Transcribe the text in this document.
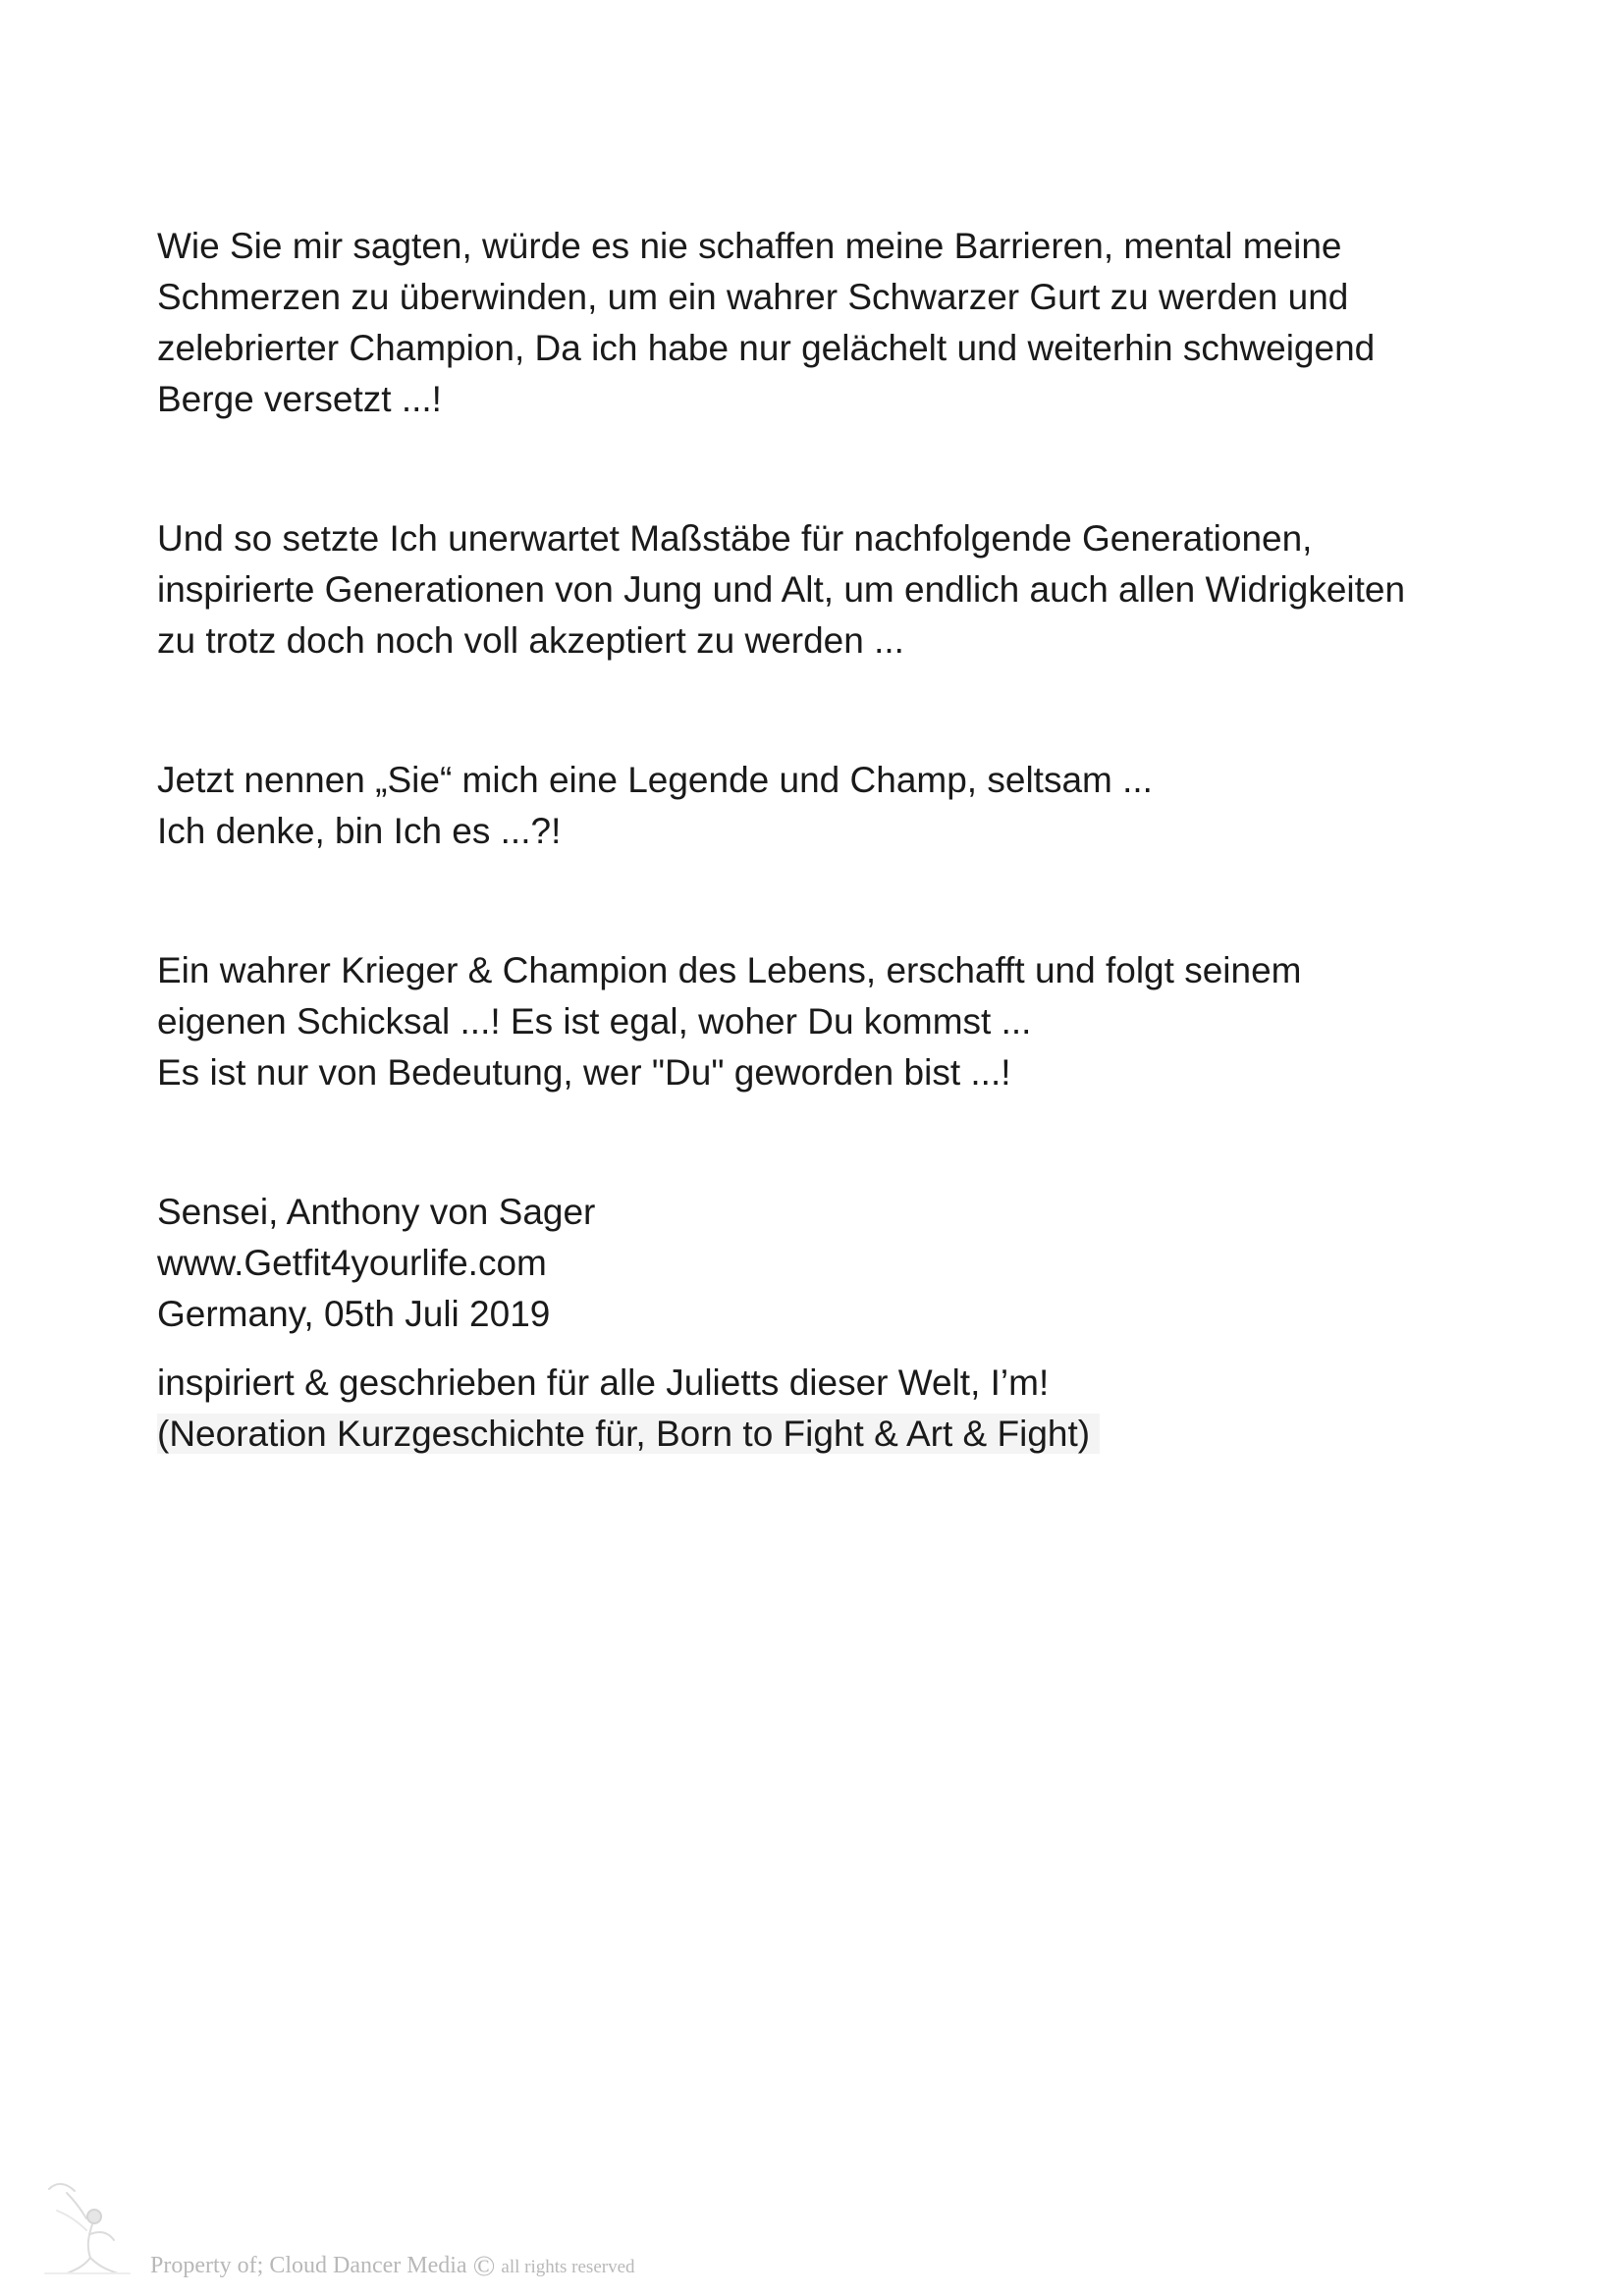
Wie Sie mir sagten, würde es nie schaffen meine Barrieren, mental meine
Schmerzen zu überwinden, um ein wahrer Schwarzer Gurt zu werden und
zelebrierter Champion, Da ich habe nur gelächelt und weiterhin schweigend
Berge versetzt ...!

Und so setzte Ich unerwartet Maßstäbe für nachfolgende Generationen,
inspirierte Generationen von Jung und Alt, um endlich auch allen Widrigkeiten
zu trotz doch noch voll akzeptiert zu werden ...

Jetzt nennen „Sie“ mich eine Legende und Champ, seltsam ...
Ich denke, bin Ich es ...?!

Ein wahrer Krieger & Champion des Lebens, erschafft und folgt seinem
eigenen Schicksal ...! Es ist egal, woher Du kommst ...
Es ist nur von Bedeutung, wer "Du" geworden bist ...!

Sensei, Anthony von Sager
www.Getfit4yourlife.com
Germany, 05th Juli 2019

inspiriert & geschrieben für alle Julietts dieser Welt, I’m!
(Neoration Kurzgeschichte für, Born to Fight & Art & Fight)

Property of; Cloud Dancer Media © all rights reserved
